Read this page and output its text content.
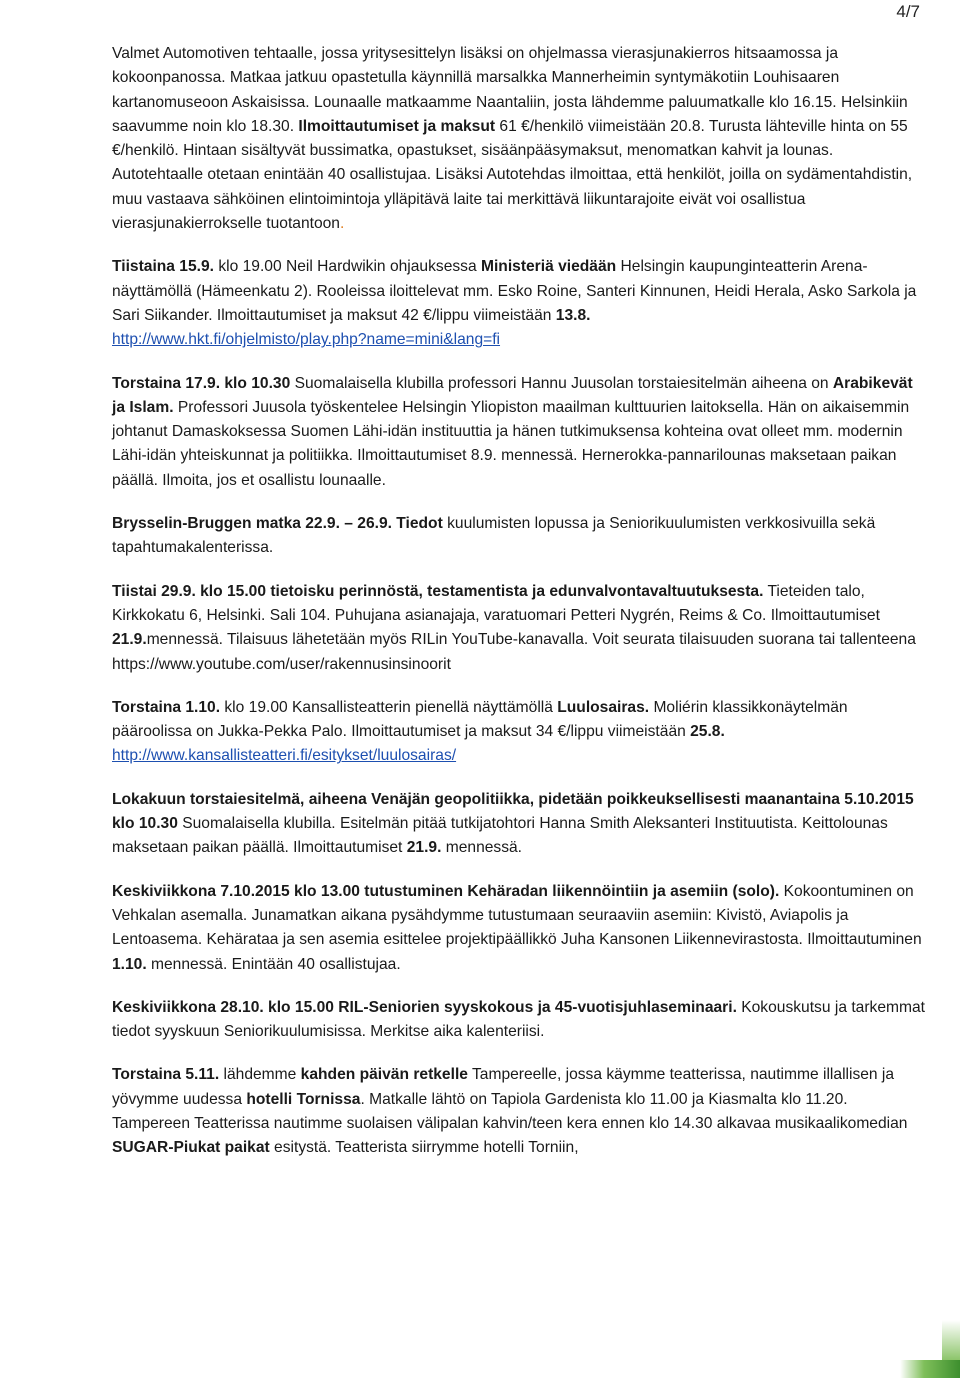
4/7

Valmet Automotiven tehtaalle, jossa yritysesittelyn lisäksi on ohjelmassa vierasjunakierros hitsaamossa ja kokoonpanossa. Matkaa jatkuu opastetulla käynnillä marsalkka Mannerheimin syntymäkotiin Louhisaaren kartanomuseoon Askaisissa. Lounaalle matkaamme Naantaliin, josta lähdemme paluumatkalle klo 16.15. Helsinkiin saavumme noin klo 18.30. Ilmoittautumiset ja maksut 61 €/henkilö viimeistään 20.8. Turusta lähteville hinta on 55 €/henkilö. Hintaan sisältyvät bussimatka, opastukset, sisäänpääsymaksut, menomatkan kahvit ja lounas. Autotehtaalle otetaan enintään 40 osallistujaa. Lisäksi Autotehdas ilmoittaa, että henkilöt, joilla on sydämentahdistin, muu vastaava sähköinen elintoimintoja ylläpitävä laite tai merkittävä liikuntarajoite eivät voi osallistua vierasjunakierrokselle tuotantoon.

Tiistaina 15.9. klo 19.00 Neil Hardwikin ohjauksessa Ministeriä viedään Helsingin kaupunginteatterin Arena-näyttämöllä (Hämeenkatu 2). Rooleissa iloittelevat mm. Esko Roine, Santeri Kinnunen, Heidi Herala, Asko Sarkola ja Sari Siikander. Ilmoittautumiset ja maksut 42 €/lippu viimeistään 13.8.
http://www.hkt.fi/ohjelmisto/play.php?name=mini&lang=fi

Torstaina 17.9. klo 10.30 Suomalaisella klubilla professori Hannu Juusolan torstaiesitelmän aiheena on Arabikevät ja Islam. Professori Juusola työskentelee Helsingin Yliopiston maailman kulttuurien laitoksella. Hän on aikaisemmin johtanut Damaskoksessa Suomen Lähi-idän instituuttia ja hänen tutkimuksensa kohteina ovat olleet mm. modernin Lähi-idän yhteiskunnat ja politiikka. Ilmoittautumiset 8.9. mennessä. Hernerokka-pannarilounas maksetaan paikan päällä. Ilmoita, jos et osallistu lounaalle.

Brysselin-Bruggen matka 22.9. – 26.9. Tiedot kuulumisten lopussa ja Seniorikuulumisten verkkosivuilla sekä tapahtumakalenterissa.

Tiistai 29.9. klo 15.00 tietoisku perinnöstä, testamentista ja edunvalvontavaltuutuksesta. Tieteiden talo, Kirkkokatu 6, Helsinki. Sali 104. Puhujana asianajaja, varatuomari Petteri Nygrén, Reims & Co. Ilmoittautumiset 21.9.mennessä. Tilaisuus lähetetään myös RILin YouTube-kanavalla. Voit seurata tilaisuuden suorana tai tallenteena https://www.youtube.com/user/rakennusinsinoorit

Torstaina 1.10. klo 19.00 Kansallisteatterin pienellä näyttämöllä Luulosairas. Moliérin klassikkonäytelmän pääroolissa on Jukka-Pekka Palo. Ilmoittautumiset ja maksut 34 €/lippu viimeistään 25.8.
http://www.kansallisteatteri.fi/esitykset/luulosairas/

Lokakuun torstaiesitelmä, aiheena Venäjän geopolitiikka, pidetään poikkeuksellisesti maanantaina 5.10.2015 klo 10.30 Suomalaisella klubilla. Esitelmän pitää tutkijatohtori Hanna Smith Aleksanteri Instituutista. Keittolounas maksetaan paikan päällä. Ilmoittautumiset 21.9. mennessä.

Keskiviikkona 7.10.2015 klo 13.00 tutustuminen Kehäradan liikennöintiin ja asemiin (solo). Kokoontuminen on Vehkalan asemalla. Junamatkan aikana pysähdymme tutustumaan seuraaviin asemiin: Kivistö, Aviapolis ja Lentoasema. Kehärataa ja sen asemia esittelee projektipäällikkö Juha Kansonen Liikennevirastosta. Ilmoittautuminen 1.10. mennessä. Enintään 40 osallistujaa.

Keskiviikkona 28.10. klo 15.00 RIL-Seniorien syyskokous ja 45-vuotisjuhlaseminaari. Kokouskutsu ja tarkemmat tiedot syyskuun Seniorikuulumisissa. Merkitse aika kalenteriisi.

Torstaina 5.11. lähdemme kahden päivän retkelle Tampereelle, jossa käymme teatterissa, nautimme illallisen ja yövymme uudessa hotelli Tornissa. Matkalle lähtö on Tapiola Gardenista klo 11.00 ja Kiasmalta klo 11.20. Tampereen Teatterissa nautimme suolaisen välipalan kahvin/teen kera ennen klo 14.30 alkavaa musikaalikomedian SUGAR-Piukat paikat esitystä. Teatterista siirrymme hotelli Torniin,
